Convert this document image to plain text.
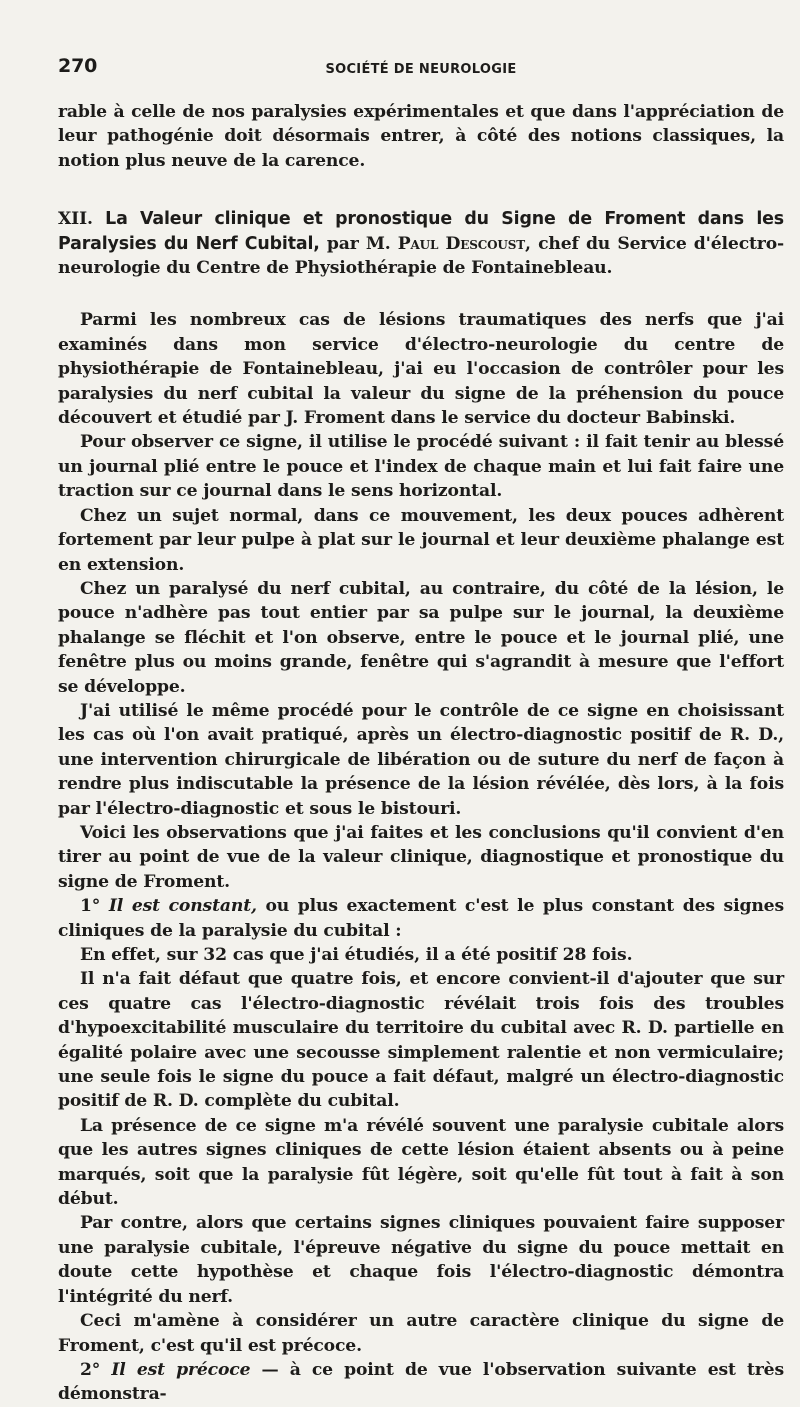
270	SOCIÉTÉ DE NEUROLOGIE

rable à celle de nos paralysies expérimentales et que dans l'appréciation de leur pathogénie doit désormais entrer, à côté des notions classiques, la notion plus neuve de la carence.

XII. La Valeur clinique et pronostique du Signe de Froment dans les Paralysies du Nerf Cubital, par M. Paul Descoust, chef du Service d'électro-neurologie du Centre de Physiothérapie de Fontainebleau.

Parmi les nombreux cas de lésions traumatiques des nerfs que j'ai examinés dans mon service d'électro-neurologie du centre de physiothérapie de Fontainebleau, j'ai eu l'occasion de contrôler pour les paralysies du nerf cubital la valeur du signe de la préhension du pouce découvert et étudié par J. Froment dans le service du docteur Babinski.

Pour observer ce signe, il utilise le procédé suivant : il fait tenir au blessé un journal plié entre le pouce et l'index de chaque main et lui fait faire une traction sur ce journal dans le sens horizontal.

Chez un sujet normal, dans ce mouvement, les deux pouces adhèrent fortement par leur pulpe à plat sur le journal et leur deuxième phalange est en extension.

Chez un paralysé du nerf cubital, au contraire, du côté de la lésion, le pouce n'adhère pas tout entier par sa pulpe sur le journal, la deuxième phalange se fléchit et l'on observe, entre le pouce et le journal plié, une fenêtre plus ou moins grande, fenêtre qui s'agrandit à mesure que l'effort se développe.

J'ai utilisé le même procédé pour le contrôle de ce signe en choisissant les cas où l'on avait pratiqué, après un électro-diagnostic positif de R. D., une intervention chirurgicale de libération ou de suture du nerf de façon à rendre plus indiscutable la présence de la lésion révélée, dès lors, à la fois par l'électro-diagnostic et sous le bistouri.

Voici les observations que j'ai faites et les conclusions qu'il convient d'en tirer au point de vue de la valeur clinique, diagnostique et pronostique du signe de Froment.

1° Il est constant, ou plus exactement c'est le plus constant des signes cliniques de la paralysie du cubital :

En effet, sur 32 cas que j'ai étudiés, il a été positif 28 fois.

Il n'a fait défaut que quatre fois, et encore convient-il d'ajouter que sur ces quatre cas l'électro-diagnostic révélait trois fois des troubles d'hypoexcitabilité musculaire du territoire du cubital avec R. D. partielle en égalité polaire avec une secousse simplement ralentie et non vermiculaire; une seule fois le signe du pouce a fait défaut, malgré un électro-diagnostic positif de R. D. complète du cubital.

La présence de ce signe m'a révélé souvent une paralysie cubitale alors que les autres signes cliniques de cette lésion étaient absents ou à peine marqués, soit que la paralysie fût légère, soit qu'elle fût tout à fait à son début.

Par contre, alors que certains signes cliniques pouvaient faire supposer une paralysie cubitale, l'épreuve négative du signe du pouce mettait en doute cette hypothèse et chaque fois l'électro-diagnostic démontra l'intégrité du nerf.

Ceci m'amène à considérer un autre caractère clinique du signe de Froment, c'est qu'il est précoce.

2° Il est précoce — à ce point de vue l'observation suivante est très démonstra-
